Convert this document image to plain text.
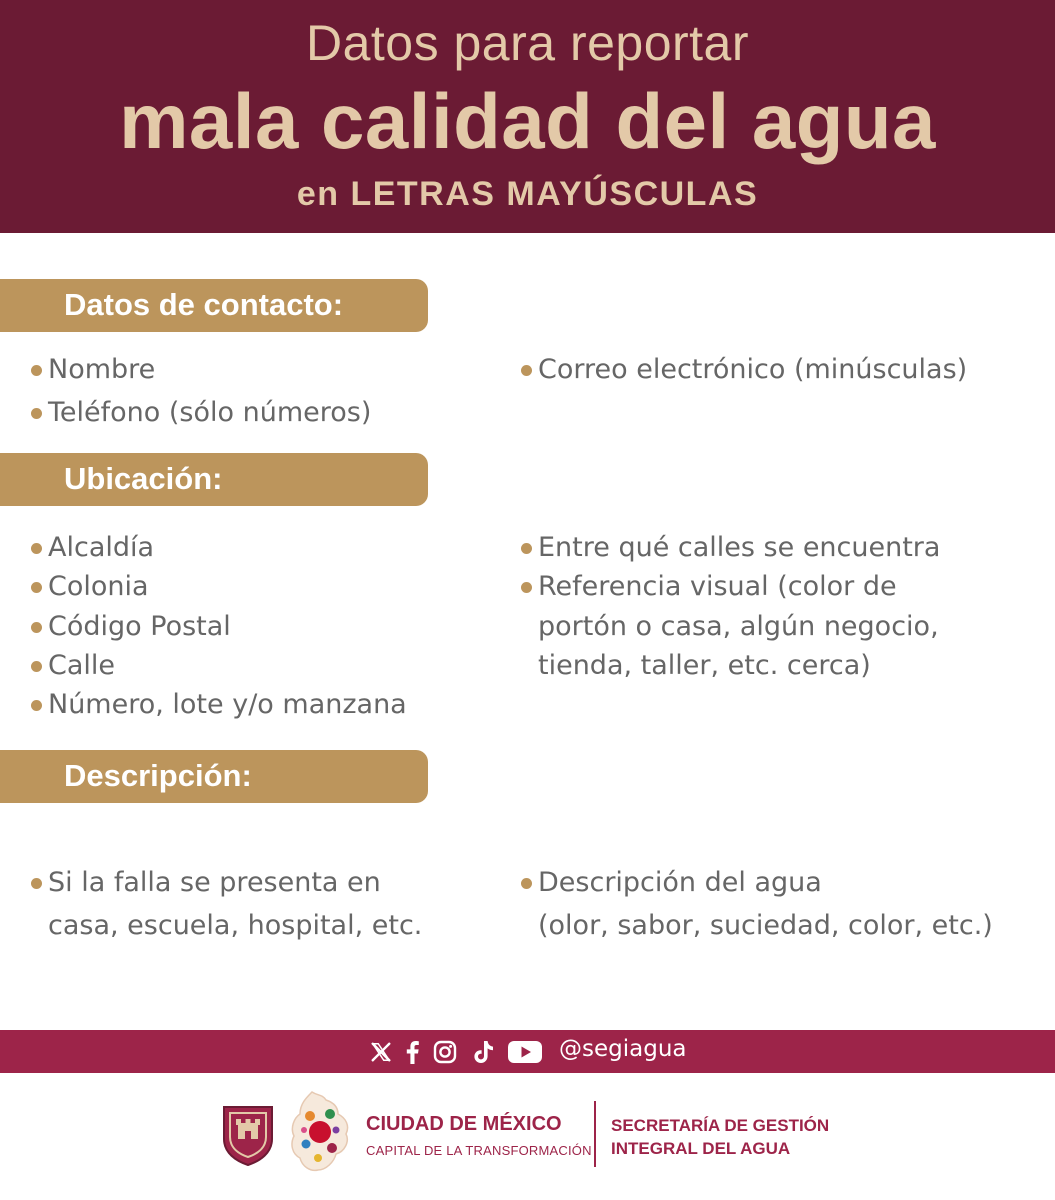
Datos para reportar
mala calidad del agua
en LETRAS MAYÚSCULAS
Datos de contacto:
Nombre
Teléfono (sólo números)
Correo electrónico (minúsculas)
Ubicación:
Alcaldía
Colonia
Código Postal
Calle
Número, lote y/o manzana
Entre qué calles se encuentra
Referencia visual (color de
portón o casa, algún negocio,
tienda, taller, etc. cerca)
Descripción:
Si la falla se presenta en
casa, escuela, hospital, etc.
Descripción del agua
(olor, sabor, suciedad, color, etc.)
@segiagua
CIUDAD DE MÉXICO
CAPITAL DE LA TRANSFORMACIÓN
SECRETARÍA DE GESTIÓN
INTEGRAL DEL AGUA
